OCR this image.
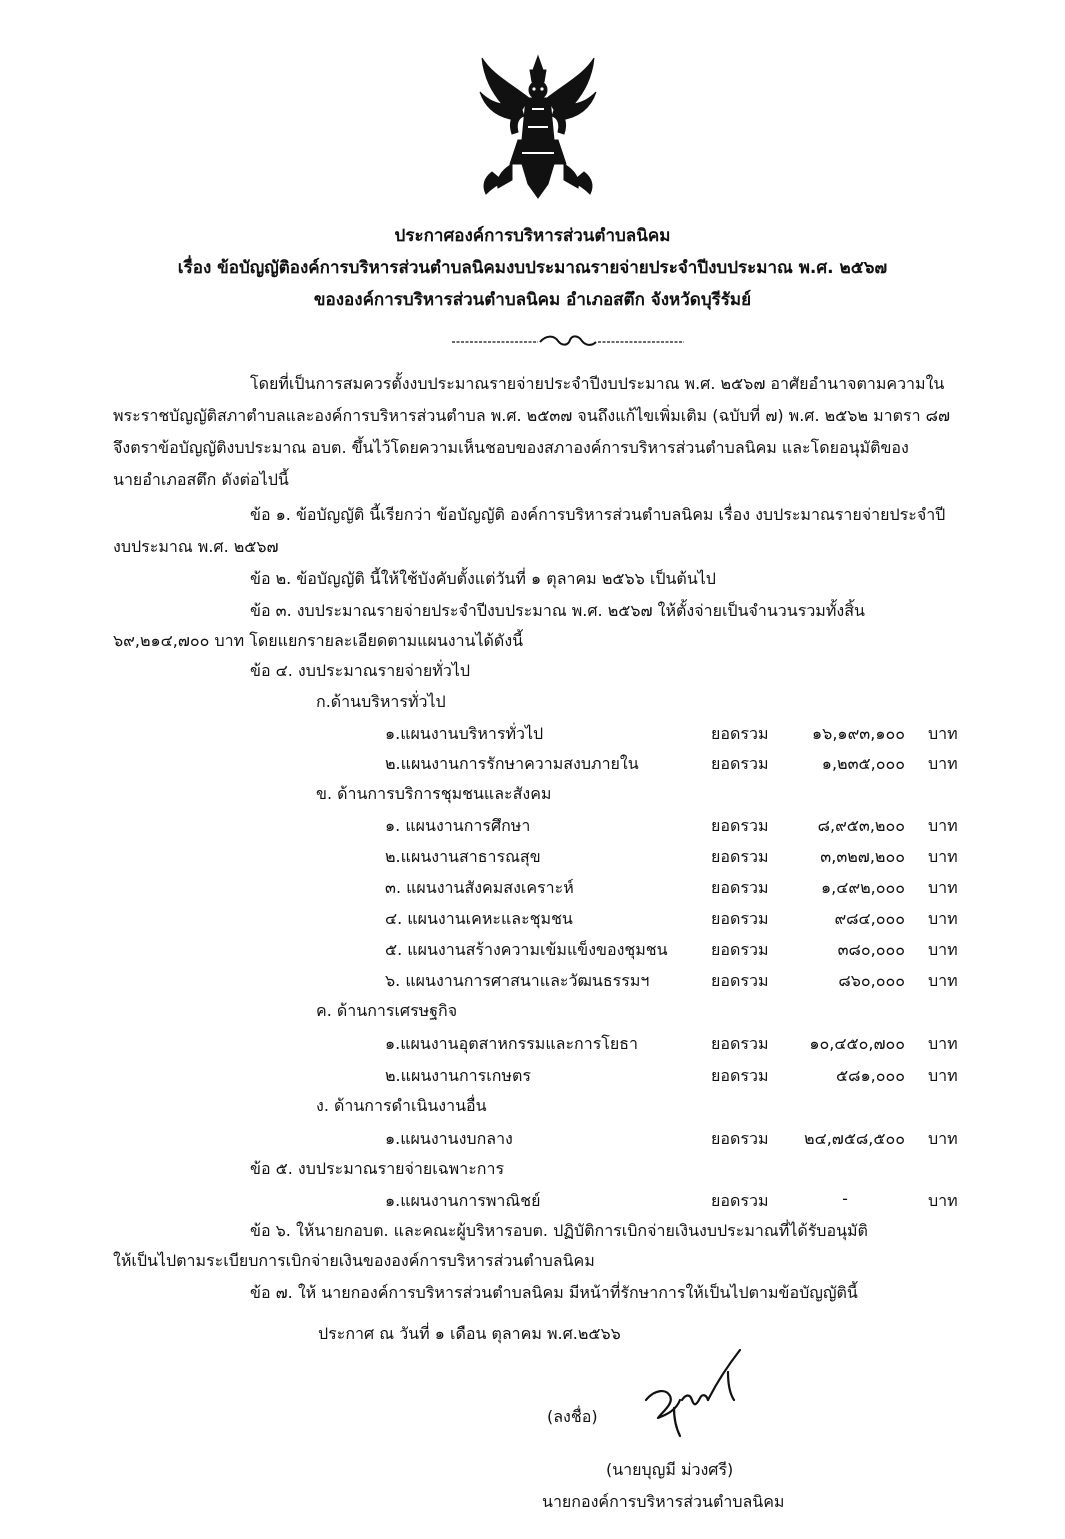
ประกาศองค์การบริหารส่วนตำบลนิคม
เรื่อง ข้อบัญญัติองค์การบริหารส่วนตำบลนิคมงบประมาณรายจ่ายประจำปีงบประมาณ พ.ศ. ๒๕๖๗
ขององค์การบริหารส่วนตำบลนิคม อำเภอสตึก จังหวัดบุรีรัมย์
โดยที่เป็นการสมควรตั้งงบประมาณรายจ่ายประจำปีงบประมาณ พ.ศ. ๒๕๖๗ อาศัยอำนาจตามความใน
พระราชบัญญัติสภาตำบลและองค์การบริหารส่วนตำบล พ.ศ. ๒๕๓๗ จนถึงแก้ไขเพิ่มเติม (ฉบับที่ ๗) พ.ศ. ๒๕๖๒ มาตรา ๘๗
จึงตราข้อบัญญัติงบประมาณ อบต. ขึ้นไว้โดยความเห็นชอบของสภาองค์การบริหารส่วนตำบลนิคม และโดยอนุมัติของ
นายอำเภอสตึก ดังต่อไปนี้
ข้อ ๑. ข้อบัญญัติ นี้เรียกว่า ข้อบัญญัติ องค์การบริหารส่วนตำบลนิคม เรื่อง งบประมาณรายจ่ายประจำปี
งบประมาณ พ.ศ. ๒๕๖๗
ข้อ ๒. ข้อบัญญัติ นี้ให้ใช้บังคับตั้งแต่วันที่ ๑ ตุลาคม ๒๕๖๖ เป็นต้นไป
ข้อ ๓. งบประมาณรายจ่ายประจำปีงบประมาณ พ.ศ. ๒๕๖๗ ให้ตั้งจ่ายเป็นจำนวนรวมทั้งสิ้น
๖๙,๒๑๔,๗๐๐ บาท โดยแยกรายละเอียดตามแผนงานได้ดังนี้
ข้อ ๔. งบประมาณรายจ่ายทั่วไป
ก.ด้านบริหารทั่วไป
๑.แผนงานบริหารทั่วไป	ยอดรวม	๑๖,๑๙๓,๑๐๐ บาท
๒.แผนงานการรักษาความสงบภายใน	ยอดรวม	๑,๒๓๕,๐๐๐ บาท
ข. ด้านการบริการชุมชนและสังคม
๑. แผนงานการศึกษา	ยอดรวม	๘,๙๕๓,๒๐๐ บาท
๒.แผนงานสาธารณสุข	ยอดรวม	๓,๓๒๗,๒๐๐ บาท
๓. แผนงานสังคมสงเคราะห์	ยอดรวม	๑,๔๙๒,๐๐๐ บาท
๔. แผนงานเคหะและชุมชน	ยอดรวม	๙๘๔,๐๐๐ บาท
๕. แผนงานสร้างความเข้มแข็งของชุมชน	ยอดรวม	๓๘๐,๐๐๐ บาท
๖. แผนงานการศาสนาและวัฒนธรรมฯ	ยอดรวม	๘๖๐,๐๐๐ บาท
ค. ด้านการเศรษฐกิจ
๑.แผนงานอุตสาหกรรมและการโยธา	ยอดรวม	๑๐,๔๕๐,๗๐๐ บาท
๒.แผนงานการเกษตร	ยอดรวม	๕๘๑,๐๐๐ บาท
ง. ด้านการดำเนินงานอื่น
๑.แผนงานงบกลาง	ยอดรวม	๒๔,๗๕๘,๕๐๐ บาท
ข้อ ๕. งบประมาณรายจ่ายเฉพาะการ
๑.แผนงานการพาณิชย์	ยอดรวม	-	บาท
ข้อ ๖. ให้นายกอบต. และคณะผู้บริหารอบต. ปฏิบัติการเบิกจ่ายเงินงบประมาณที่ได้รับอนุมัติ
ให้เป็นไปตามระเบียบการเบิกจ่ายเงินขององค์การบริหารส่วนตำบลนิคม
ข้อ ๗. ให้ นายกองค์การบริหารส่วนตำบลนิคม มีหน้าที่รักษาการให้เป็นไปตามข้อบัญญัตินี้
ประกาศ ณ วันที่ ๑ เดือน ตุลาคม พ.ศ.๒๕๖๖
(ลงชื่อ)
(นายบุญมี ม่วงศรี)
นายกองค์การบริหารส่วนตำบลนิคม
